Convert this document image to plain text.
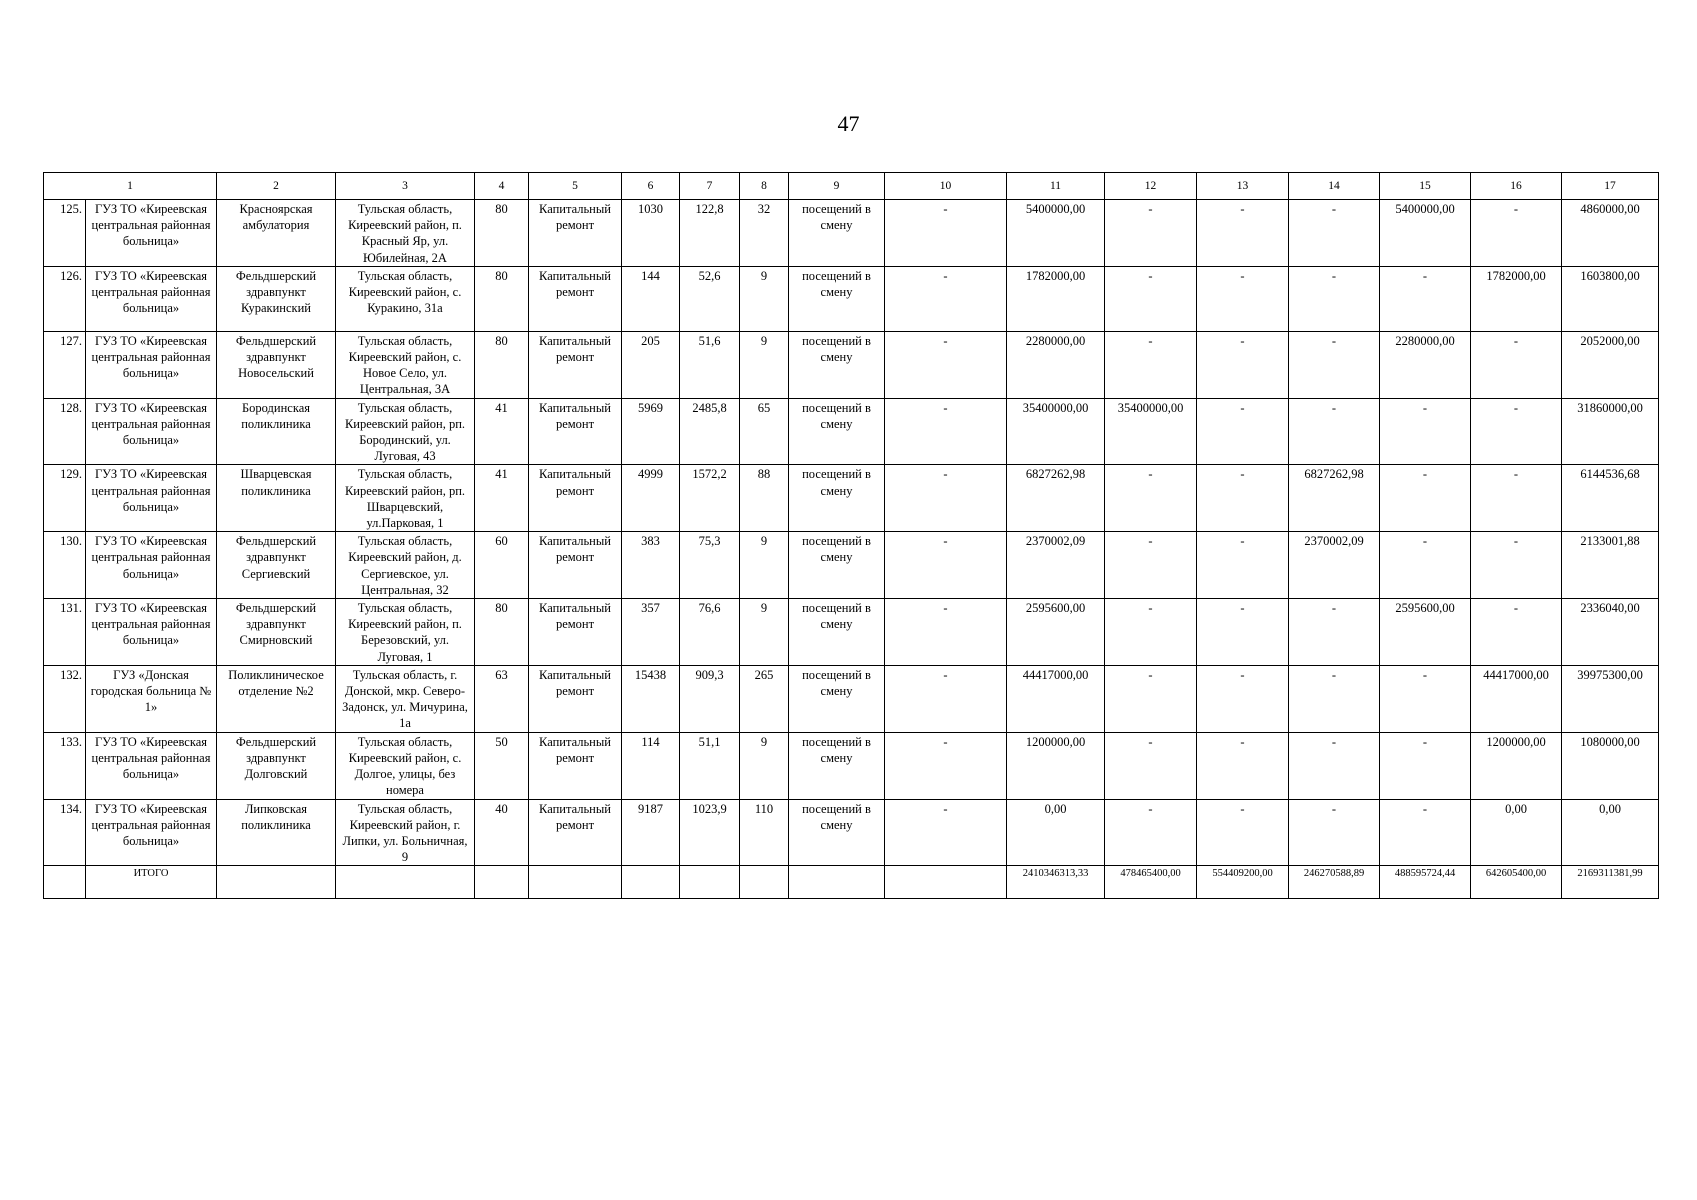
47
1		2	3	4	5	6	7	8	9	10	11	12	13	14	15	16	17
125.	ГУЗ ТО «Киреевская центральная районная больница»	Красноярская амбулатория	Тульская область, Киреевский район, п. Красный Яр, ул. Юбилейная, 2А	80	Капитальный ремонт	1030	122,8	32	посещений в смену	-	5400000,00	-	-	-	5400000,00	-	4860000,00
126.	ГУЗ ТО «Киреевская центральная районная больница»	Фельдшерский здравпункт Куракинский	Тульская область, Киреевский район, с. Куракино, 31а	80	Капитальный ремонт	144	52,6	9	посещений в смену	-	1782000,00	-	-	-	-	1782000,00	1603800,00
127.	ГУЗ ТО «Киреевская центральная районная больница»	Фельдшерский здравпункт Новосельский	Тульская область, Киреевский район, с. Новое Село, ул. Центральная, 3А	80	Капитальный ремонт	205	51,6	9	посещений в смену	-	2280000,00	-	-	-	2280000,00	-	2052000,00
128.	ГУЗ ТО «Киреевская центральная районная больница»	Бородинская поликлиника	Тульская область, Киреевский район, рп. Бородинский, ул. Луговая, 43	41	Капитальный ремонт	5969	2485,8	65	посещений в смену	-	35400000,00	35400000,00	-	-	-	-	31860000,00
129.	ГУЗ ТО «Киреевская центральная районная больница»	Шварцевская поликлиника	Тульская область, Киреевский район, рп. Шварцевский, ул.Парковая, 1	41	Капитальный ремонт	4999	1572,2	88	посещений в смену	-	6827262,98	-	-	6827262,98	-	-	6144536,68
130.	ГУЗ ТО «Киреевская центральная районная больница»	Фельдшерский здравпункт Сергиевский	Тульская область, Киреевский район, д. Сергиевское, ул. Центральная, 32	60	Капитальный ремонт	383	75,3	9	посещений в смену	-	2370002,09	-	-	2370002,09	-	-	2133001,88
131.	ГУЗ ТО «Киреевская центральная районная больница»	Фельдшерский здравпункт Смирновский	Тульская область, Киреевский район, п. Березовский, ул. Луговая, 1	80	Капитальный ремонт	357	76,6	9	посещений в смену	-	2595600,00	-	-	-	2595600,00	-	2336040,00
132.	ГУЗ «Донская городская больница № 1»	Поликлиническое отделение №2	Тульская область, г. Донской, мкр. Северо-Задонск, ул. Мичурина, 1а	63	Капитальный ремонт	15438	909,3	265	посещений в смену	-	44417000,00	-	-	-	-	44417000,00	39975300,00
133.	ГУЗ ТО «Киреевская центральная районная больница»	Фельдшерский здравпункт Долговский	Тульская область, Киреевский район, с. Долгое, улицы, без номера	50	Капитальный ремонт	114	51,1	9	посещений в смену	-	1200000,00	-	-	-	-	1200000,00	1080000,00
134.	ГУЗ ТО «Киреевская центральная районная больница»	Липковская поликлиника	Тульская область, Киреевский район, г. Липки, ул. Больничная, 9	40	Капитальный ремонт	9187	1023,9	110	посещений в смену	-	0,00	-	-	-	-	0,00	0,00
	ИТОГО										2410346313,33	478465400,00	554409200,00	246270588,89	488595724,44	642605400,00	2169311381,99
